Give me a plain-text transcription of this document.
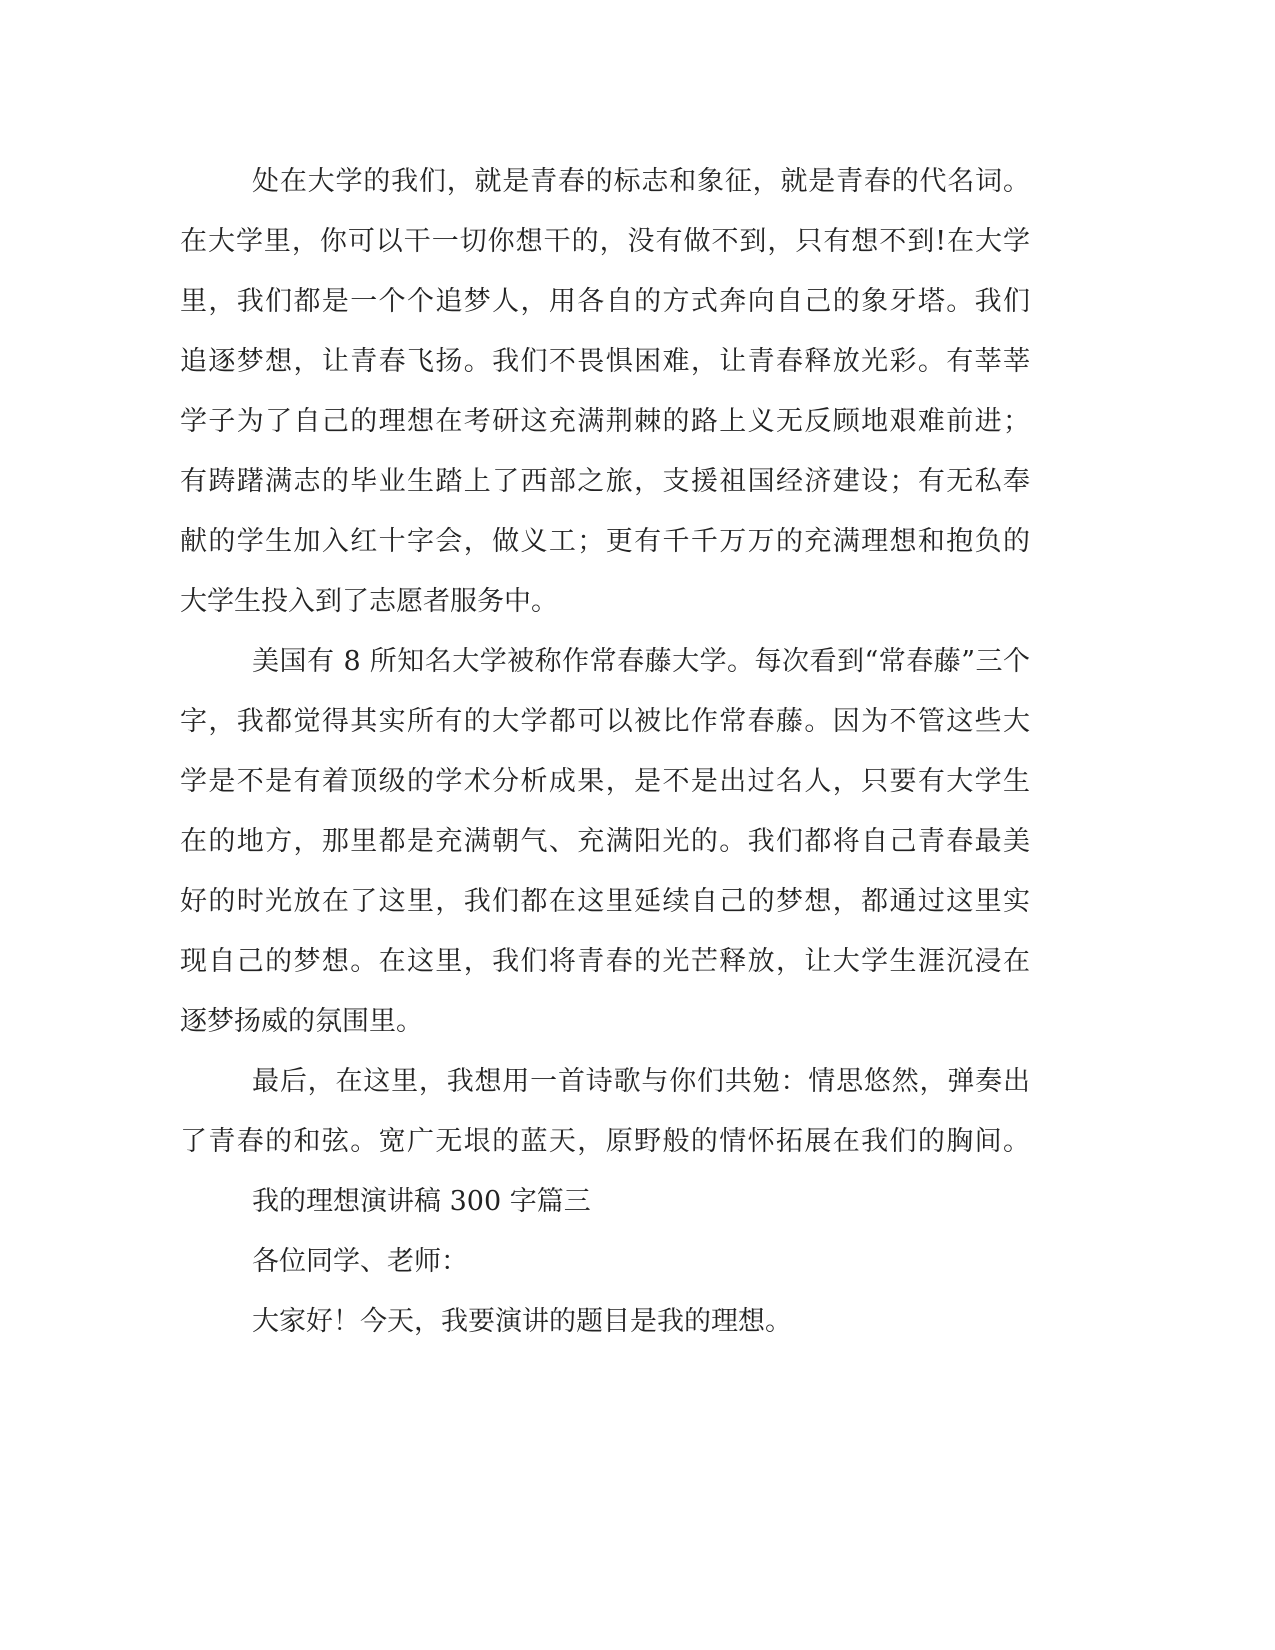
处在大学的我们，就是青春的标志和象征，就是青春的代名词。
在大学里，你可以干一切你想干的，没有做不到，只有想不到!在大学
里，我们都是一个个追梦人，用各自的方式奔向自己的象牙塔。我们
追逐梦想，让青春飞扬。我们不畏惧困难，让青春释放光彩。有莘莘
学子为了自己的理想在考研这充满荆棘的路上义无反顾地艰难前进；
有踌躇满志的毕业生踏上了西部之旅，支援祖国经济建设；有无私奉
献的学生加入红十字会，做义工；更有千千万万的充满理想和抱负的
大学生投入到了志愿者服务中。
美国有 8 所知名大学被称作常春藤大学。每次看到“常春藤”三个
字，我都觉得其实所有的大学都可以被比作常春藤。因为不管这些大
学是不是有着顶级的学术分析成果，是不是出过名人，只要有大学生
在的地方，那里都是充满朝气、充满阳光的。我们都将自己青春最美
好的时光放在了这里，我们都在这里延续自己的梦想，都通过这里实
现自己的梦想。在这里，我们将青春的光芒释放，让大学生涯沉浸在
逐梦扬威的氛围里。
最后，在这里，我想用一首诗歌与你们共勉：情思悠然，弹奏出
了青春的和弦。宽广无垠的蓝天，原野般的情怀拓展在我们的胸间。
我的理想演讲稿 300 字篇三
各位同学、老师：
大家好！今天，我要演讲的题目是我的理想。
